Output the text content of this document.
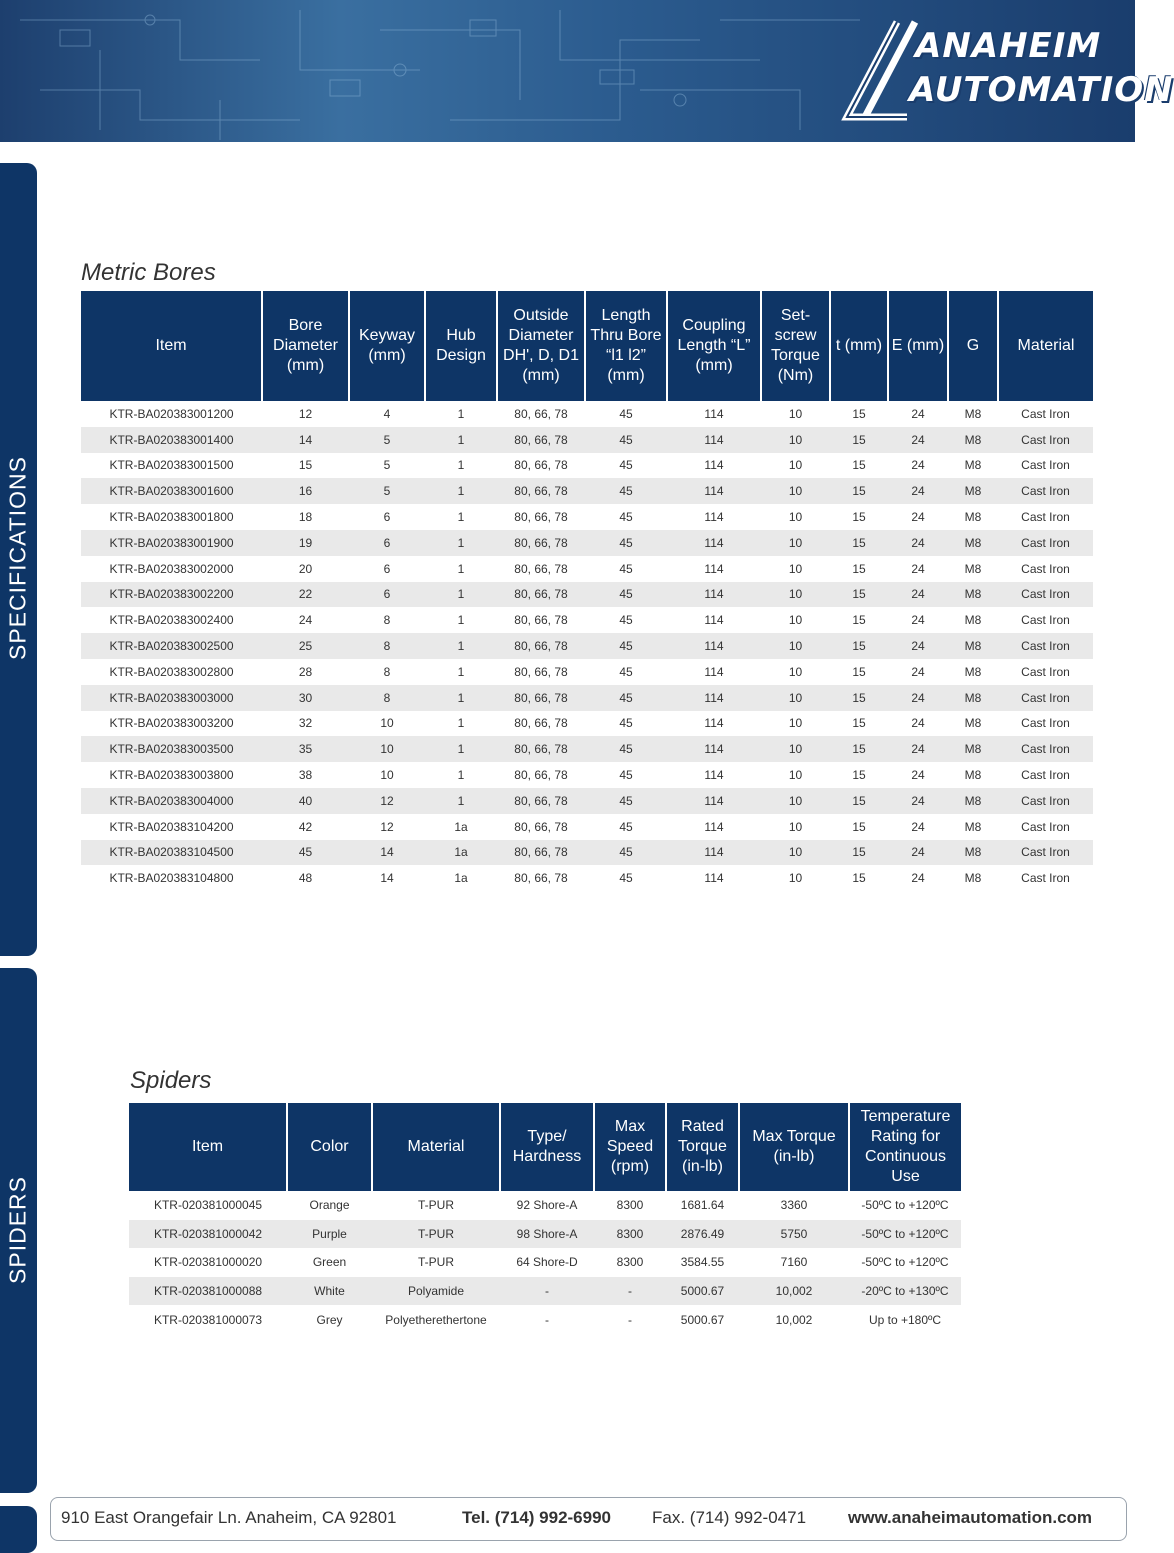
ANAHEIM
AUTOMATION
SPECIFICATIONS
SPIDERS
Metric Bores
Item	Bore Diameter (mm)	Keyway (mm)	Hub Design	Outside Diameter DH', D, D1 (mm)	Length Thru Bore “l1 l2” (mm)	Coupling Length “L” (mm)	Set-screw Torque (Nm)	t (mm)	E (mm)	G	Material
KTR-BA020383001200	12	4	1	80, 66, 78	45	114	10	15	24	M8	Cast Iron
KTR-BA020383001400	14	5	1	80, 66, 78	45	114	10	15	24	M8	Cast Iron
KTR-BA020383001500	15	5	1	80, 66, 78	45	114	10	15	24	M8	Cast Iron
KTR-BA020383001600	16	5	1	80, 66, 78	45	114	10	15	24	M8	Cast Iron
KTR-BA020383001800	18	6	1	80, 66, 78	45	114	10	15	24	M8	Cast Iron
KTR-BA020383001900	19	6	1	80, 66, 78	45	114	10	15	24	M8	Cast Iron
KTR-BA020383002000	20	6	1	80, 66, 78	45	114	10	15	24	M8	Cast Iron
KTR-BA020383002200	22	6	1	80, 66, 78	45	114	10	15	24	M8	Cast Iron
KTR-BA020383002400	24	8	1	80, 66, 78	45	114	10	15	24	M8	Cast Iron
KTR-BA020383002500	25	8	1	80, 66, 78	45	114	10	15	24	M8	Cast Iron
KTR-BA020383002800	28	8	1	80, 66, 78	45	114	10	15	24	M8	Cast Iron
KTR-BA020383003000	30	8	1	80, 66, 78	45	114	10	15	24	M8	Cast Iron
KTR-BA020383003200	32	10	1	80, 66, 78	45	114	10	15	24	M8	Cast Iron
KTR-BA020383003500	35	10	1	80, 66, 78	45	114	10	15	24	M8	Cast Iron
KTR-BA020383003800	38	10	1	80, 66, 78	45	114	10	15	24	M8	Cast Iron
KTR-BA020383004000	40	12	1	80, 66, 78	45	114	10	15	24	M8	Cast Iron
KTR-BA020383104200	42	12	1a	80, 66, 78	45	114	10	15	24	M8	Cast Iron
KTR-BA020383104500	45	14	1a	80, 66, 78	45	114	10	15	24	M8	Cast Iron
KTR-BA020383104800	48	14	1a	80, 66, 78	45	114	10	15	24	M8	Cast Iron
Spiders
Item	Color	Material	Type/ Hardness	Max Speed (rpm)	Rated Torque (in-lb)	Max Torque (in-lb)	Temperature Rating for Continuous Use
KTR-020381000045	Orange	T-PUR	92 Shore-A	8300	1681.64	3360	-50ºC to +120ºC
KTR-020381000042	Purple	T-PUR	98 Shore-A	8300	2876.49	5750	-50ºC to +120ºC
KTR-020381000020	Green	T-PUR	64 Shore-D	8300	3584.55	7160	-50ºC to +120ºC
KTR-020381000088	White	Polyamide	-	-	5000.67	10,002	-20ºC to +130ºC
KTR-020381000073	Grey	Polyetherethertone	-	-	5000.67	10,002	Up to +180ºC
910 East Orangefair Ln. Anaheim, CA 92801	Tel. (714) 992-6990 Fax. (714) 992-0471 www.anaheimautomation.com
